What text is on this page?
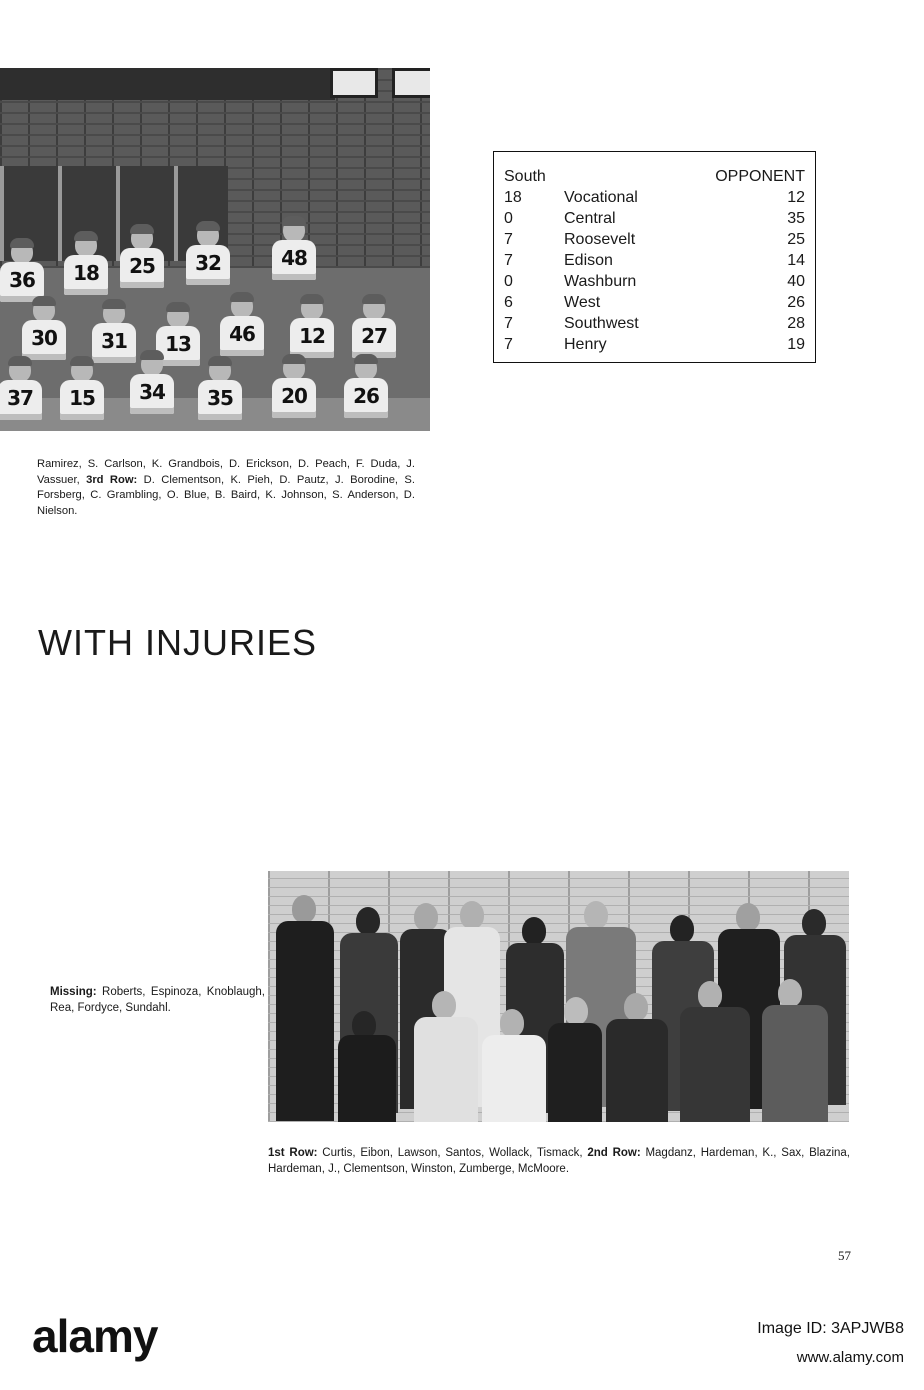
36	18	25	32	48
30	31	13	46	12	27
37	15	34	35	20	26
Ramirez, S. Carlson, K. Grandbois, D. Erickson, D. Peach, F. Duda, J. Vassuer, 3rd Row: D. Clementson, K. Pieh, D. Pautz, J. Borodine, S. Forsberg, C. Grambling, O. Blue, B. Baird, K. Johnson, S. Anderson, D. Nielson.
South	OPPONENT
18	Vocational	12
0	Central	35
7	Roosevelt	25
7	Edison	14
0	Washburn	40
6	West	26
7	Southwest	28
7	Henry	19
WITH INJURIES
Missing: Roberts, Espinoza, Knoblaugh, Rea, Fordyce, Sundahl.
1st Row: Curtis, Eibon, Lawson, Santos, Wollack, Tismack, 2nd Row: Magdanz, Hardeman, K., Sax, Blazina, Hardeman, J., Clementson, Winston, Zumberge, McMoore.
57
alamy	Image ID: 3APJWB8
www.alamy.com
